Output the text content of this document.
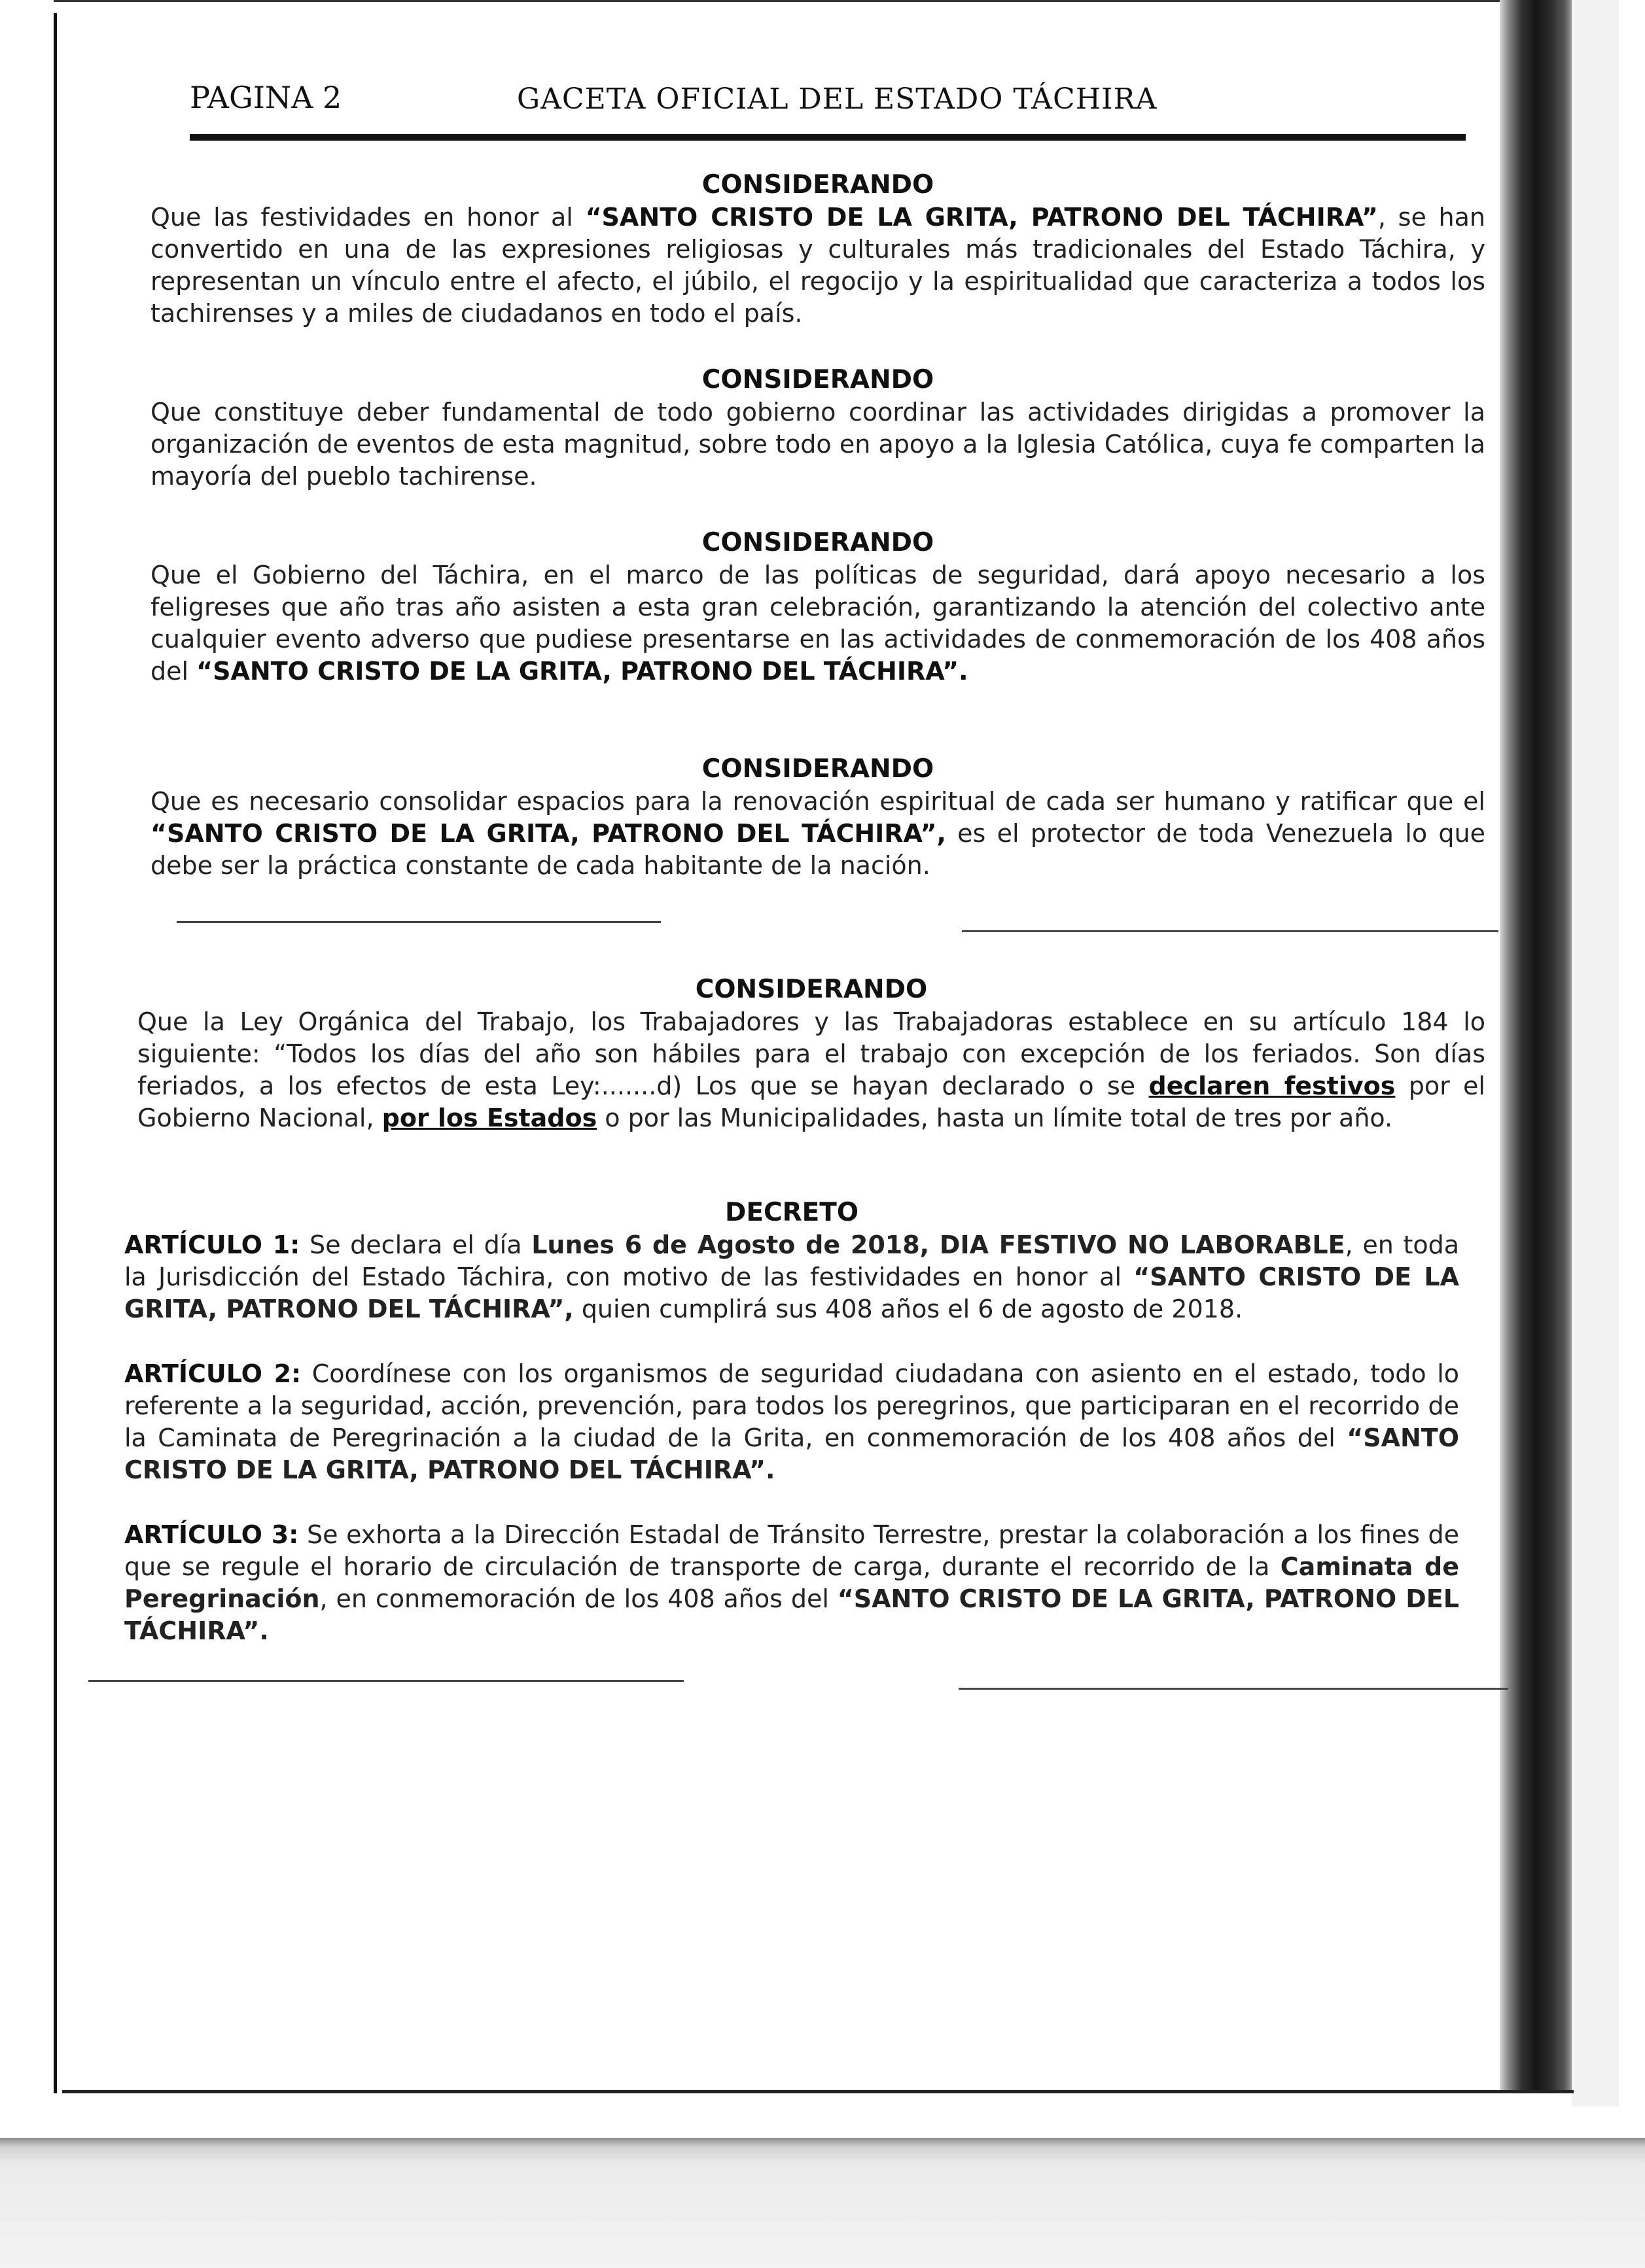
PAGINA 2	GACETA OFICIAL DEL ESTADO TÁCHIRA

CONSIDERANDO

Que las festividades en honor al “SANTO CRISTO DE LA GRITA, PATRONO DEL TÁCHIRA”, se han convertido en una de las expresiones religiosas y culturales más tradicionales del Estado Táchira, y representan un vínculo entre el afecto, el júbilo, el regocijo y la espiritualidad que caracteriza a todos los tachirenses y a miles de ciudadanos en todo el país.

CONSIDERANDO

Que constituye deber fundamental de todo gobierno coordinar las actividades dirigidas a promover la organización de eventos de esta magnitud, sobre todo en apoyo a la Iglesia Católica, cuya fe comparten la mayoría del pueblo tachirense.

CONSIDERANDO

Que el Gobierno del Táchira, en el marco de las políticas de seguridad, dará apoyo necesario a los feligreses que año tras año asisten a esta gran celebración, garantizando la atención del colectivo ante cualquier evento adverso que pudiese presentarse en las actividades de conmemoración de los 408 años del “SANTO CRISTO DE LA GRITA, PATRONO DEL TÁCHIRA”.

CONSIDERANDO

Que es necesario consolidar espacios para la renovación espiritual de cada ser humano y ratificar que el “SANTO CRISTO DE LA GRITA, PATRONO DEL TÁCHIRA”, es el protector de toda Venezuela lo que debe ser la práctica constante de cada habitante de la nación.

CONSIDERANDO

Que la Ley Orgánica del Trabajo, los Trabajadores y las Trabajadoras establece en su artículo 184 lo siguiente: “Todos los días del año son hábiles para el trabajo con excepción de los feriados. Son días feriados, a los efectos de esta Ley:.......d) Los que se hayan declarado o se declaren festivos por el Gobierno Nacional, por los Estados o por las Municipalidades, hasta un límite total de tres por año.

DECRETO

ARTÍCULO 1: Se declara el día Lunes 6 de Agosto de 2018, DIA FESTIVO NO LABORABLE, en toda la Jurisdicción del Estado Táchira, con motivo de las festividades en honor al “SANTO CRISTO DE LA GRITA, PATRONO DEL TÁCHIRA”, quien cumplirá sus 408 años el 6 de agosto de 2018.

ARTÍCULO 2: Coordínese con los organismos de seguridad ciudadana con asiento en el estado, todo lo referente a la seguridad, acción, prevención, para todos los peregrinos, que participaran en el recorrido de la Caminata de Peregrinación a la ciudad de la Grita, en conmemoración de los 408 años del “SANTO CRISTO DE LA GRITA, PATRONO DEL TÁCHIRA”.

ARTÍCULO 3: Se exhorta a la Dirección Estadal de Tránsito Terrestre, prestar la colaboración a los fines de que se regule el horario de circulación de transporte de carga, durante el recorrido de la Caminata de Peregrinación, en conmemoración de los 408 años del “SANTO CRISTO DE LA GRITA, PATRONO DEL TÁCHIRA”.
